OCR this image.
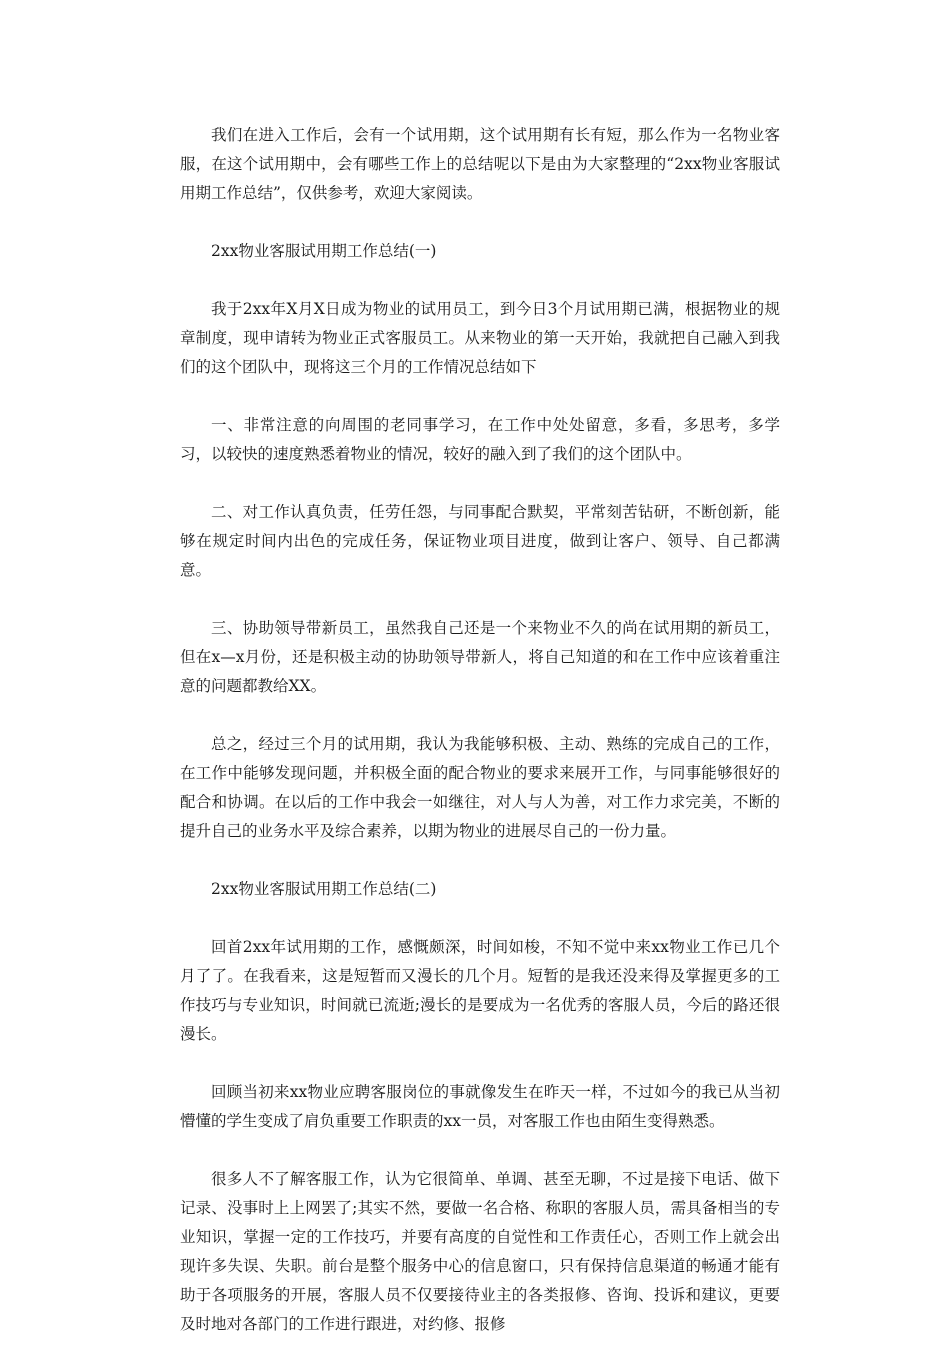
我们在进入工作后，会有一个试用期，这个试用期有长有短，那么作为一名物业客服，在这个试用期中，会有哪些工作上的总结呢以下是由为大家整理的“2xx物业客服试用期工作总结”，仅供参考，欢迎大家阅读。

2xx物业客服试用期工作总结(一)

我于2xx年X月X日成为物业的试用员工，到今日3个月试用期已满，根据物业的规章制度，现申请转为物业正式客服员工。从来物业的第一天开始，我就把自己融入到我们的这个团队中，现将这三个月的工作情况总结如下

一、非常注意的向周围的老同事学习，在工作中处处留意，多看，多思考，多学习，以较快的速度熟悉着物业的情况，较好的融入到了我们的这个团队中。

二、对工作认真负责，任劳任怨，与同事配合默契，平常刻苦钻研，不断创新，能够在规定时间内出色的完成任务，保证物业项目进度，做到让客户、领导、自己都满意。

三、协助领导带新员工，虽然我自己还是一个来物业不久的尚在试用期的新员工，但在x—x月份，还是积极主动的协助领导带新人，将自己知道的和在工作中应该着重注意的问题都教给XX。

总之，经过三个月的试用期，我认为我能够积极、主动、熟练的完成自己的工作，在工作中能够发现问题，并积极全面的配合物业的要求来展开工作，与同事能够很好的配合和协调。在以后的工作中我会一如继往，对人与人为善，对工作力求完美，不断的提升自己的业务水平及综合素养，以期为物业的进展尽自己的一份力量。

2xx物业客服试用期工作总结(二)

回首2xx年试用期的工作，感慨颇深，时间如梭，不知不觉中来xx物业工作已几个月了了。在我看来，这是短暂而又漫长的几个月。短暂的是我还没来得及掌握更多的工作技巧与专业知识，时间就已流逝;漫长的是要成为一名优秀的客服人员，今后的路还很漫长。

回顾当初来xx物业应聘客服岗位的事就像发生在昨天一样，不过如今的我已从当初懵懂的学生变成了肩负重要工作职责的xx一员，对客服工作也由陌生变得熟悉。

很多人不了解客服工作，认为它很简单、单调、甚至无聊，不过是接下电话、做下记录、没事时上上网罢了;其实不然，要做一名合格、称职的客服人员，需具备相当的专业知识，掌握一定的工作技巧，并要有高度的自觉性和工作责任心，否则工作上就会出现许多失误、失职。前台是整个服务中心的信息窗口，只有保持信息渠道的畅通才能有助于各项服务的开展，客服人员不仅要接待业主的各类报修、咨询、投诉和建议，更要及时地对各部门的工作进行跟进，对约修、报修
